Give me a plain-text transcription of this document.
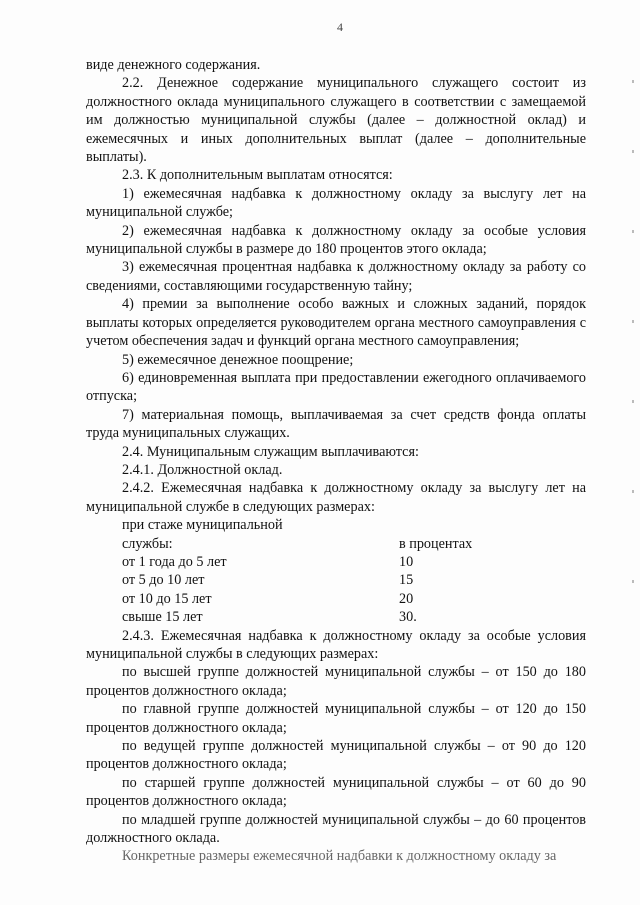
4

виде денежного содержания.

2.2. Денежное содержание муниципального служащего состоит из должностного оклада муниципального служащего в соответствии с замещаемой им должностью муниципальной службы (далее – должностной оклад) и ежемесячных и иных дополнительных выплат (далее – дополнительные выплаты).

2.3. К дополнительным выплатам относятся:

1) ежемесячная надбавка к должностному окладу за выслугу лет на муниципальной службе;

2) ежемесячная надбавка к должностному окладу за особые условия муниципальной службы в размере до 180 процентов этого оклада;

3) ежемесячная процентная надбавка к должностному окладу за работу со сведениями, составляющими государственную тайну;

4) премии за выполнение особо важных и сложных заданий, порядок выплаты которых определяется руководителем органа местного самоуправления с учетом обеспечения задач и функций органа местного самоуправления;

5) ежемесячное денежное поощрение;

6) единовременная выплата при предоставлении ежегодного оплачиваемого отпуска;

7) материальная помощь, выплачиваемая за счет средств фонда оплаты труда муниципальных служащих.

2.4. Муниципальным служащим выплачиваются:

2.4.1. Должностной оклад.

2.4.2. Ежемесячная надбавка к должностному окладу за выслугу лет на муниципальной службе в следующих размерах:

при стаже муниципальной	
службы:	в процентах
от 1 года до 5 лет	10
от 5 до 10 лет	15
от 10 до 15 лет	20
свыше 15 лет	30.

2.4.3. Ежемесячная надбавка к должностному окладу за особые условия муниципальной службы в следующих размерах:

по высшей группе должностей муниципальной службы – от 150 до 180 процентов должностного оклада;

по главной группе должностей муниципальной службы – от 120 до 150 процентов должностного оклада;

по ведущей группе должностей муниципальной службы – от 90 до 120 процентов должностного оклада;

по старшей группе должностей муниципальной службы – от 60 до 90 процентов должностного оклада;

по младшей группе должностей муниципальной службы – до 60 процентов должностного оклада.

Конкретные размеры ежемесячной надбавки к должностному окладу за
